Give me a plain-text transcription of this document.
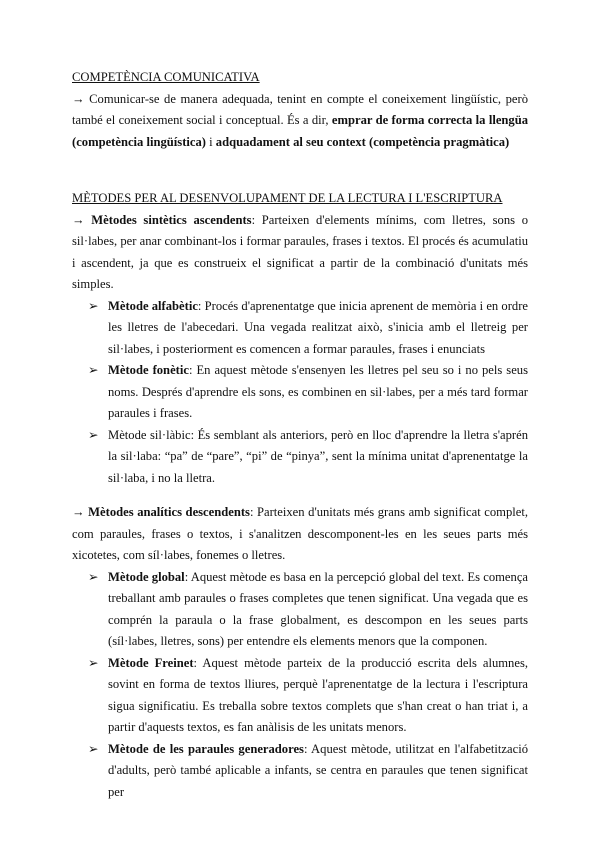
COMPETÈNCIA COMUNICATIVA
→ Comunicar-se de manera adequada, tenint en compte el coneixement lingüístic, però també el coneixement social i conceptual. És a dir, emprar de forma correcta la llengüa (competència lingüística) i adquadament al seu context (competència pragmàtica)
MÈTODES PER AL DESENVOLUPAMENT DE LA LECTURA I L'ESCRIPTURA
→ Mètodes sintètics ascendents: Parteixen d'elements mínims, com lletres, sons o sil·labes, per anar combinant-los i formar paraules, frases i textos. El procés és acumulatiu i ascendent, ja que es construeix el significat a partir de la combinació d'unitats més simples.
➢ Mètode alfabètic: Procés d'aprenentatge que inicia aprenent de memòria i en ordre les lletres de l'abecedari. Una vegada realitzat això, s'inicia amb el lletreig per sil·labes, i posteriorment es comencen a formar paraules, frases i enunciats
➢ Mètode fonètic: En aquest mètode s'ensenyen les lletres pel seu so i no pels seus noms. Després d'aprendre els sons, es combinen en sil·labes, per a més tard formar paraules i frases.
➢ Mètode sil·làbic: És semblant als anteriors, però en lloc d'aprendre la lletra s'aprén la sil·laba: “pa” de “pare”, “pi” de “pinya”, sent la mínima unitat d'aprenentatge la sil·laba, i no la lletra.
→ Mètodes analítics descendents: Parteixen d'unitats més grans amb significat complet, com paraules, frases o textos, i s'analitzen descomponent-les en les seues parts més xicotetes, com síl·labes, fonemes o lletres.
➢ Mètode global: Aquest mètode es basa en la percepció global del text. Es comença treballant amb paraules o frases completes que tenen significat. Una vegada que es comprén la paraula o la frase globalment, es descompon en les seues parts (síl·labes, lletres, sons) per entendre els elements menors que la componen.
➢ Mètode Freinet: Aquest mètode parteix de la producció escrita dels alumnes, sovint en forma de textos lliures, perquè l'aprenentatge de la lectura i l'escriptura sigua significatiu. Es treballa sobre textos complets que s'han creat o han triat i, a partir d'aquests textos, es fan anàlisis de les unitats menors.
➢ Mètode de les paraules generadores: Aquest mètode, utilitzat en l'alfabetització d'adults, però també aplicable a infants, se centra en paraules que tenen significat per
